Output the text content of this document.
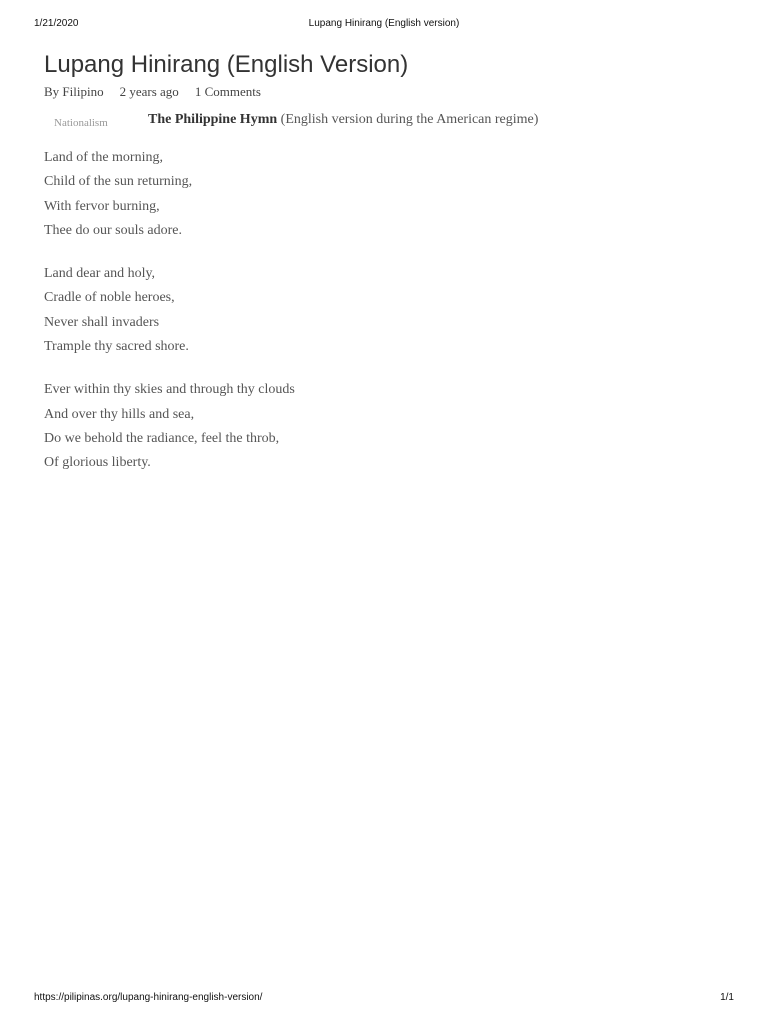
1/21/2020	Lupang Hinirang (English version)
Lupang Hinirang (English Version)
By Filipino 2 years ago 1 Comments
Nationalism	The Philippine Hymn (English version during the American regime)

Land of the morning,
Child of the sun returning,
With fervor burning,
Thee do our souls adore.

Land dear and holy,
Cradle of noble heroes,
Never shall invaders
Trample thy sacred shore.

Ever within thy skies and through thy clouds
And over thy hills and sea,
Do we behold the radiance, feel the throb,
Of glorious liberty.

https://pilipinas.org/lupang-hinirang-english-version/	1/1
